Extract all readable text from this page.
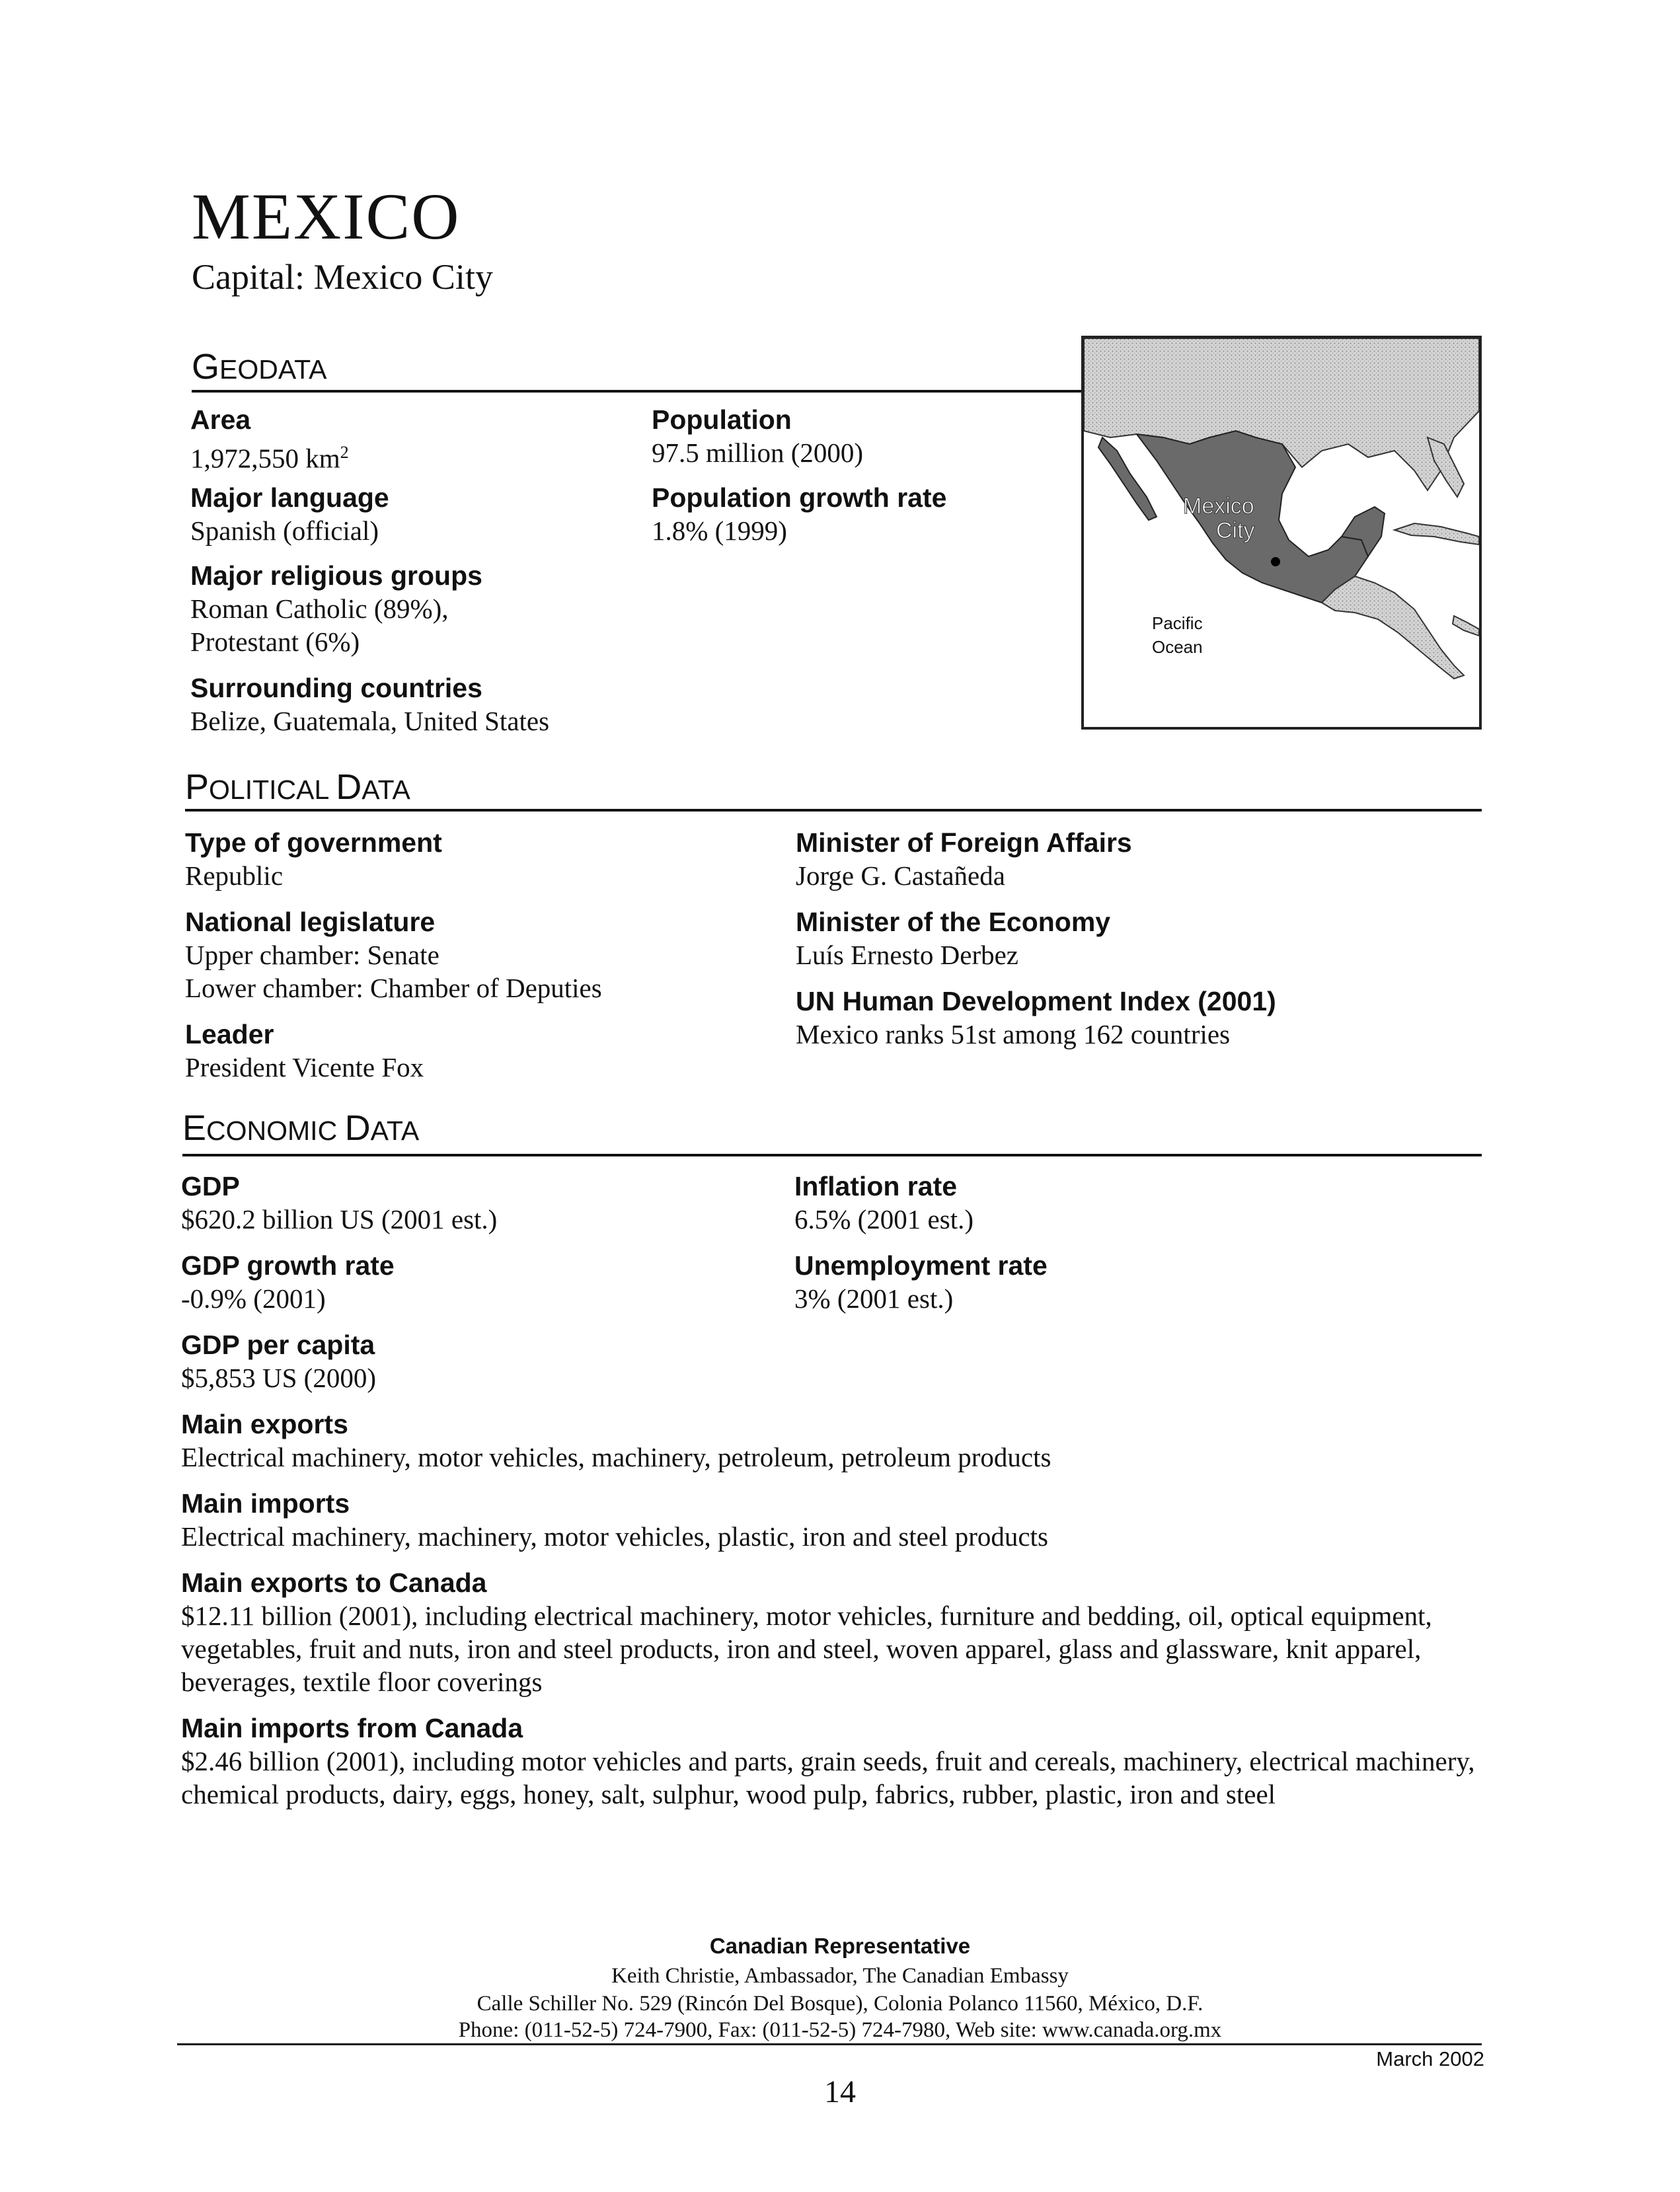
MEXICO
Capital: Mexico City
GEODATA
Area
1,972,550 $km^2$
Major language
Spanish (official)
Major religious groups
Roman Catholic (89%),
Protestant (6%)
Surrounding countries
Belize, Guatemala, United States
Population
97.5 million (2000)
Population growth rate
1.8% (1999)
Mexico
City
Pacific
Ocean
POLITICAL DATA
Type of government
Republic
National legislature
Upper chamber: Senate
Lower chamber: Chamber of Deputies
Leader
President Vicente Fox
Minister of Foreign Affairs
Jorge G. Castañeda
Minister of the Economy
Luís Ernesto Derbez
UN Human Development Index (2001)
Mexico ranks 51st among 162 countries
ECONOMIC DATA
GDP
$620.2 billion US (2001 est.)
GDP growth rate
-0.9% (2001)
GDP per capita
$5,853 US (2000)
Inflation rate
6.5% (2001 est.)
Unemployment rate
3% (2001 est.)
Main exports
Electrical machinery, motor vehicles, machinery, petroleum, petroleum products
Main imports
Electrical machinery, machinery, motor vehicles, plastic, iron and steel products
Main exports to Canada
$12.11 billion (2001), including electrical machinery, motor vehicles, furniture and bedding, oil, optical equipment, vegetables, fruit and nuts, iron and steel products, iron and steel, woven apparel, glass and glassware, knit apparel, beverages, textile floor coverings
Main imports from Canada
$2.46 billion (2001), including motor vehicles and parts, grain seeds, fruit and cereals, machinery, electrical machinery, chemical products, dairy, eggs, honey, salt, sulphur, wood pulp, fabrics, rubber, plastic, iron and steel
Canadian Representative
Keith Christie, Ambassador, The Canadian Embassy
Calle Schiller No. 529 (Rincón Del Bosque), Colonia Polanco 11560, México, D.F.
Phone: (011-52-5) 724-7900, Fax: (011-52-5) 724-7980, Web site: www.canada.org.mx
March 2002
14
